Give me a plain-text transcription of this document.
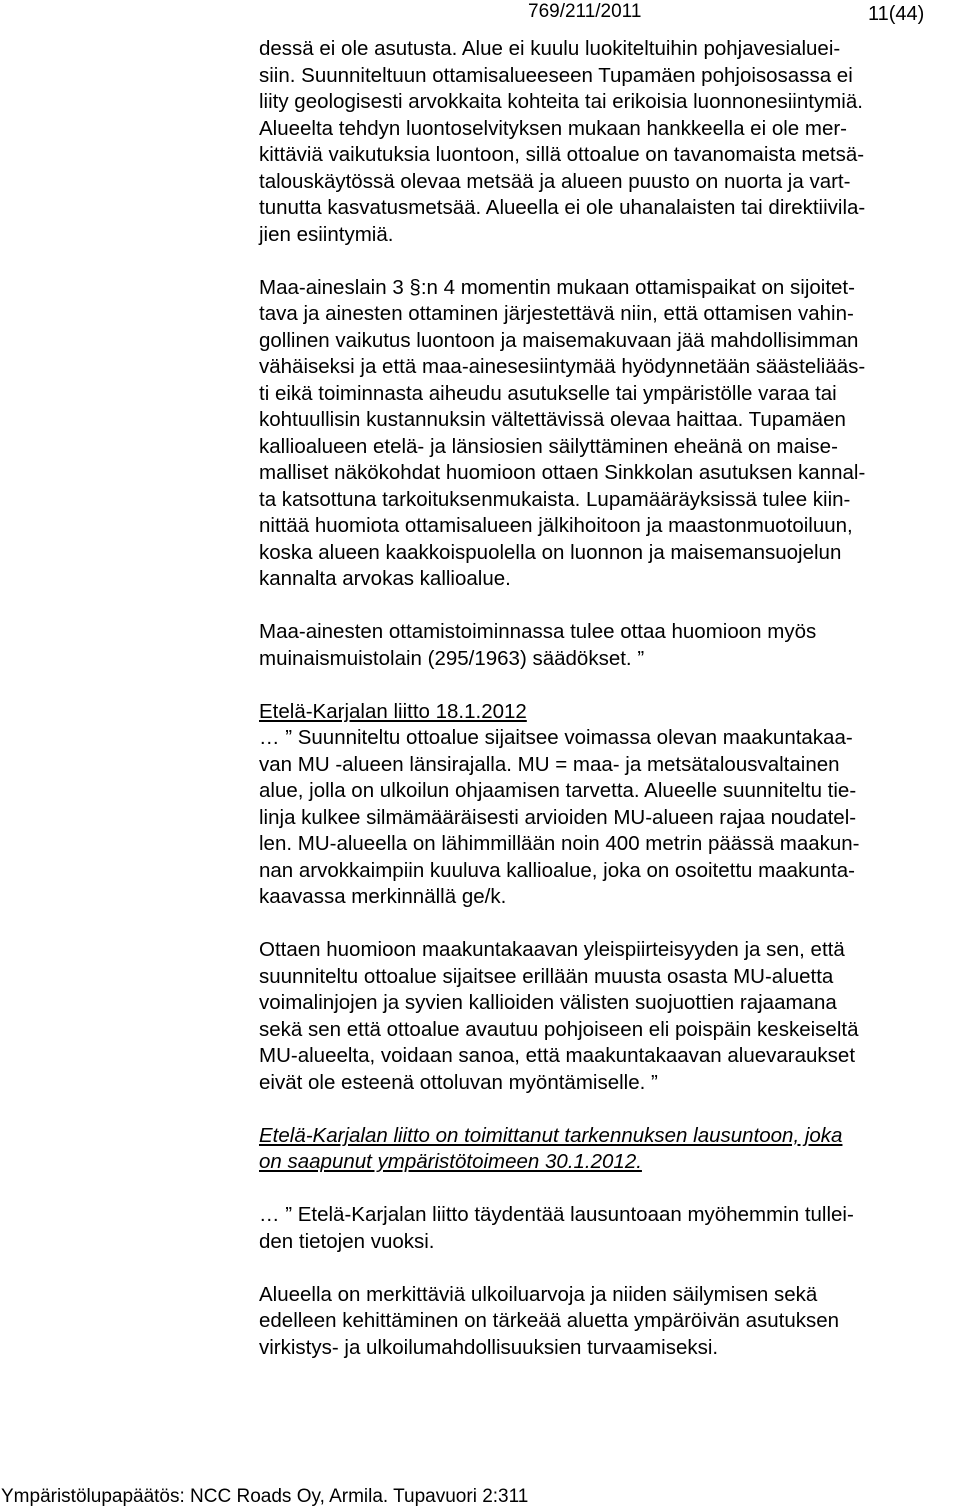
769/211/2011	11(44)

dessä ei ole asutusta. Alue ei kuulu luokiteltuihin pohjavesialuei-
siin. Suunniteltuun ottamisalueeseen Tupamäen pohjoisosassa ei
liity geologisesti arvokkaita kohteita tai erikoisia luonnonesiintymiä.
Alueelta tehdyn luontoselvityksen mukaan hankkeella ei ole mer-
kittäviä vaikutuksia luontoon, sillä ottoalue on tavanomaista metsä-
talouskäytössä olevaa metsää ja alueen puusto on nuorta ja vart-
tunutta kasvatusmetsää. Alueella ei ole uhanalaisten tai direktiivila-
jien esiintymiä.

Maa-aineslain 3 §:n 4 momentin mukaan ottamispaikat on sijoitet-
tava ja ainesten ottaminen järjestettävä niin, että ottamisen vahin-
gollinen vaikutus luontoon ja maisemakuvaan jää mahdollisimman
vähäiseksi ja että maa-ainesesiintymää hyödynnetään säästeliääs-
ti eikä toiminnasta aiheudu asutukselle tai ympäristölle varaa tai
kohtuullisin kustannuksin vältettävissä olevaa haittaa. Tupamäen
kallioalueen etelä- ja länsiosien säilyttäminen eheänä on maise-
malliset näkökohdat huomioon ottaen Sinkkolan asutuksen kannal-
ta katsottuna tarkoituksenmukaista. Lupamääräyksissä tulee kiin-
nittää huomiota ottamisalueen jälkihoitoon ja maastonmuotoiluun,
koska alueen kaakkoispuolella on luonnon ja maisemansuojelun
kannalta arvokas kallioalue.

Maa-ainesten ottamistoiminnassa tulee ottaa huomioon myös
muinaismuistolain (295/1963) säädökset. ”

Etelä-Karjalan liitto 18.1.2012

… ” Suunniteltu ottoalue sijaitsee voimassa olevan maakuntakaa-
van MU -alueen länsirajalla. MU = maa- ja metsätalousvaltainen
alue, jolla on ulkoilun ohjaamisen tarvetta. Alueelle suunniteltu tie-
linja kulkee silmämääräisesti arvioiden MU-alueen rajaa noudatel-
len. MU-alueella on lähimmillään noin 400 metrin päässä maakun-
nan arvokkaimpiin kuuluva kallioalue, joka on osoitettu maakunta-
kaavassa merkinnällä ge/k.

Ottaen huomioon maakuntakaavan yleispiirteisyyden ja sen, että
suunniteltu ottoalue sijaitsee erillään muusta osasta MU-aluetta
voimalinjojen ja syvien kallioiden välisten suojuottien rajaamana
sekä sen että ottoalue avautuu pohjoiseen eli poispäin keskeiseltä
MU-alueelta, voidaan sanoa, että maakuntakaavan aluevaraukset
eivät ole esteenä ottoluvan myöntämiselle. ”

Etelä-Karjalan liitto on toimittanut tarkennuksen lausuntoon, joka
on saapunut ympäristötoimeen 30.1.2012.

… ” Etelä-Karjalan liitto täydentää lausuntoaan myöhemmin tullei-
den tietojen vuoksi.

Alueella on merkittäviä ulkoiluarvoja ja niiden säilymisen sekä
edelleen kehittäminen on tärkeää aluetta ympäröivän asutuksen
virkistys- ja ulkoilumahdollisuuksien turvaamiseksi.

Ympäristölupapäätös: NCC Roads Oy, Armila. Tupavuori 2:311
